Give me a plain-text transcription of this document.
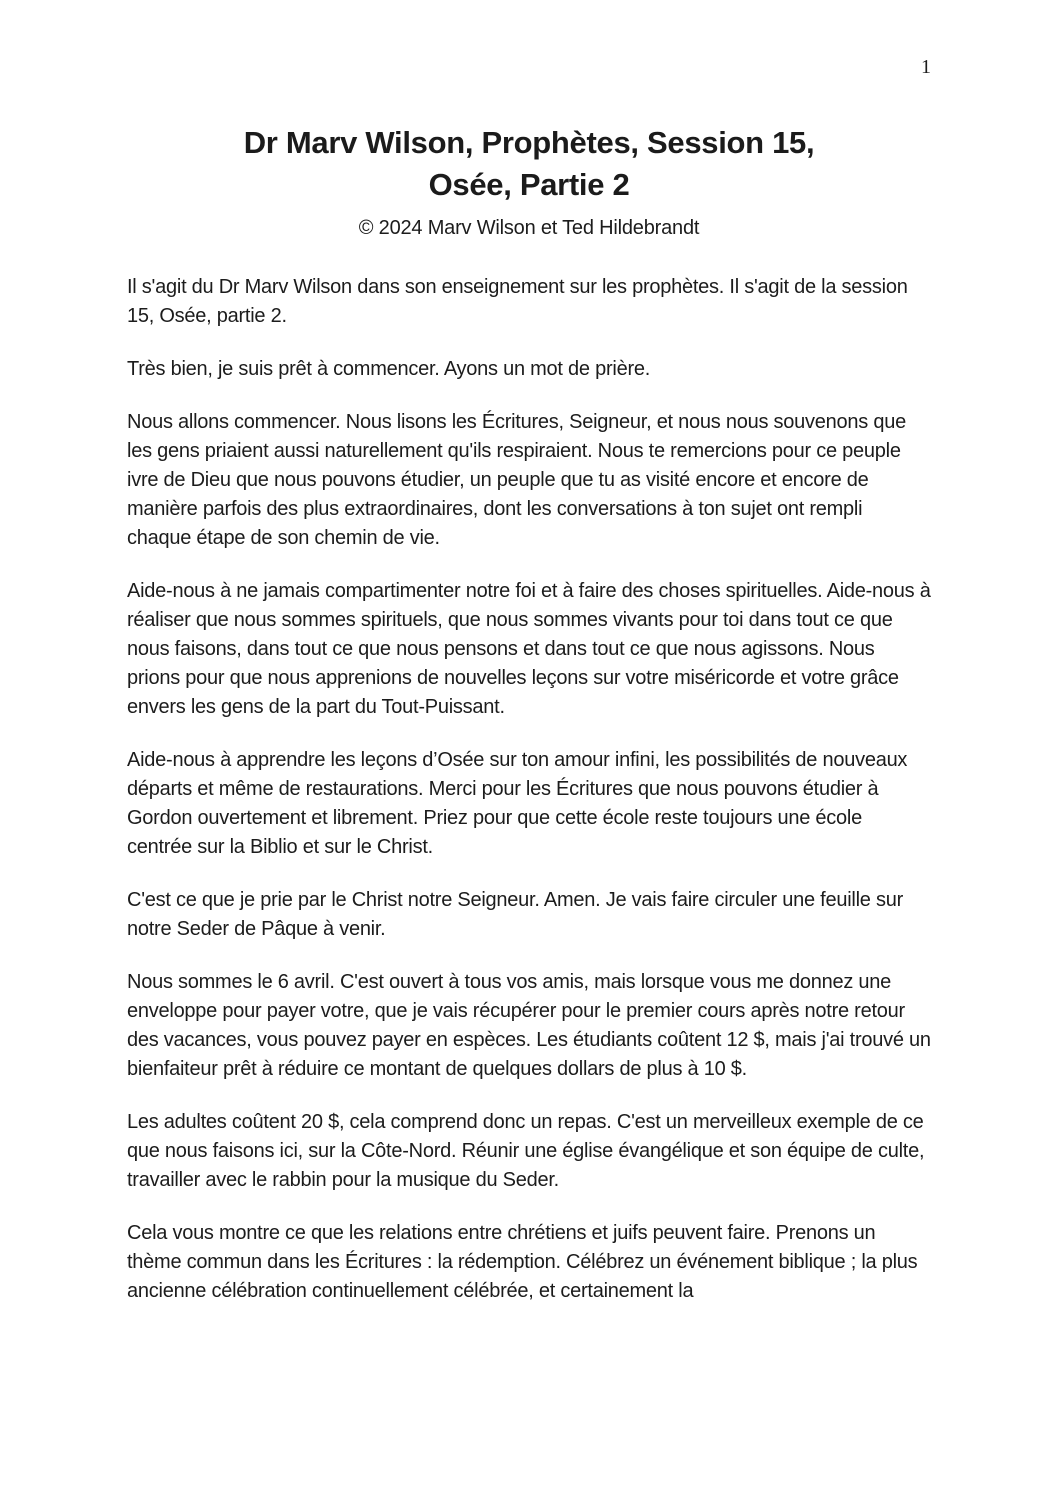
1
Dr Marv Wilson, Prophètes, Session 15,
Osée, Partie 2
© 2024 Marv Wilson et Ted Hildebrandt

Il s'agit du Dr Marv Wilson dans son enseignement sur les prophètes. Il s'agit de la session 15, Osée, partie 2.

Très bien, je suis prêt à commencer. Ayons un mot de prière.

Nous allons commencer. Nous lisons les Écritures, Seigneur, et nous nous souvenons que les gens priaient aussi naturellement qu'ils respiraient. Nous te remercions pour ce peuple ivre de Dieu que nous pouvons étudier, un peuple que tu as visité encore et encore de manière parfois des plus extraordinaires, dont les conversations à ton sujet ont rempli chaque étape de son chemin de vie.

Aide-nous à ne jamais compartimenter notre foi et à faire des choses spirituelles. Aide-nous à réaliser que nous sommes spirituels, que nous sommes vivants pour toi dans tout ce que nous faisons, dans tout ce que nous pensons et dans tout ce que nous agissons. Nous prions pour que nous apprenions de nouvelles leçons sur votre miséricorde et votre grâce envers les gens de la part du Tout-Puissant.

Aide-nous à apprendre les leçons d’Osée sur ton amour infini, les possibilités de nouveaux départs et même de restaurations. Merci pour les Écritures que nous pouvons étudier à Gordon ouvertement et librement. Priez pour que cette école reste toujours une école centrée sur la Biblio et sur le Christ.

C'est ce que je prie par le Christ notre Seigneur. Amen. Je vais faire circuler une feuille sur notre Seder de Pâque à venir.

Nous sommes le 6 avril. C'est ouvert à tous vos amis, mais lorsque vous me donnez une enveloppe pour payer votre, que je vais récupérer pour le premier cours après notre retour des vacances, vous pouvez payer en espèces. Les étudiants coûtent 12 $, mais j'ai trouvé un bienfaiteur prêt à réduire ce montant de quelques dollars de plus à 10 $.

Les adultes coûtent 20 $, cela comprend donc un repas. C'est un merveilleux exemple de ce que nous faisons ici, sur la Côte-Nord. Réunir une église évangélique et son équipe de culte, travailler avec le rabbin pour la musique du Seder.

Cela vous montre ce que les relations entre chrétiens et juifs peuvent faire. Prenons un thème commun dans les Écritures : la rédemption. Célébrez un événement biblique ; la plus ancienne célébration continuellement célébrée, et certainement la
